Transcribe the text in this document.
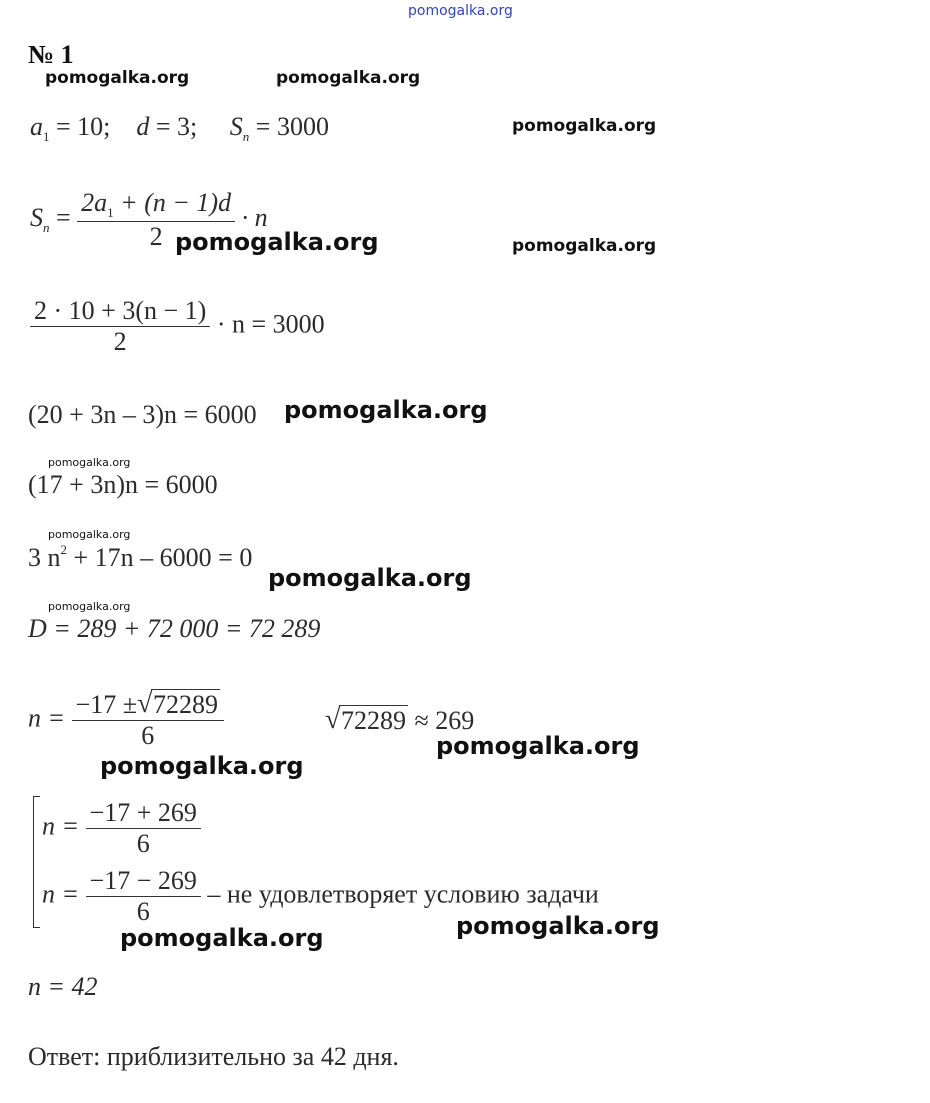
pomogalka.org
№ 1
pomogalka.org	pomogalka.org
$a_1 = 10$; d = 3; $S_n = 3000$	pomogalka.org
$S_n = \frac{2a_1 + (n - 1)d}{2} \cdot n$
pomogalka.org	pomogalka.org
$\frac{2 \cdot 10 + 3(n - 1)}{2} \cdot n = 3000$
(20 + 3n – 3)n = 6000 pomogalka.org
pomogalka.org
(17 + 3n)n = 6000
pomogalka.org
3 $n^2 + 17n - 6000 = 0$
pomogalka.org
pomogalka.org
D = 289 + 72 000 = 72 289
$n = \frac{-17 \pm √ 72289}{6}$	√ 72289 ≈ 269
pomogalka.org
pomogalka.org
$n = \frac{-17 + 269}{6}$
$n = \frac{-17 - 269}{6}$ – не удовлетворяет условию задачи
pomogalka.org
pomogalka.org
n = 42
Ответ: приблизительно за 42 дня.
